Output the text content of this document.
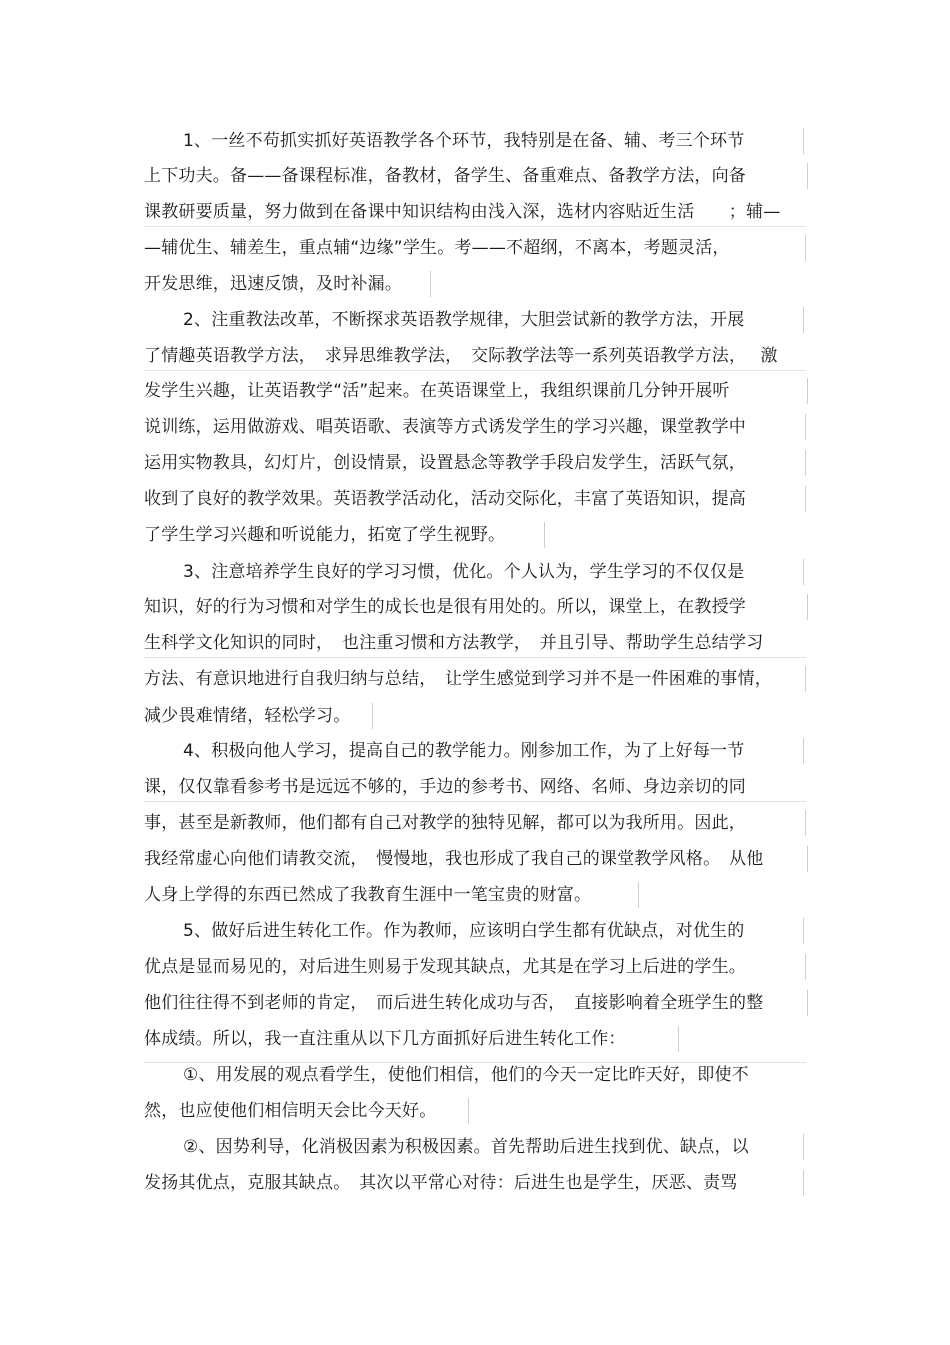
1、一丝不苟抓实抓好英语教学各个环节，我特别是在备、辅、考三个环节
上下功夫。备——备课程标准，备教材，备学生、备重难点、备教学方法，向备
课教研要质量，努力做到在备课中知识结构由浅入深，选材内容贴近生活　　；辅—
—辅优生、辅差生，重点辅“边缘”学生。考——不超纲，不离本，考题灵活，
开发思维，迅速反馈，及时补漏。
2、注重教法改革，不断探求英语教学规律，大胆尝试新的教学方法，开展
了情趣英语教学方法，　求异思维教学法，　交际教学法等一系列英语教学方法，　 激
发学生兴趣，让英语教学“活”起来。在英语课堂上，我组织课前几分钟开展听
说训练，运用做游戏、唱英语歌、表演等方式诱发学生的学习兴趣，课堂教学中
运用实物教具，幻灯片，创设情景，设置悬念等教学手段启发学生，活跃气氛，
收到了良好的教学效果。英语教学活动化，活动交际化，丰富了英语知识，提高
了学生学习兴趣和听说能力，拓宽了学生视野。
3、注意培养学生良好的学习习惯，优化。个人认为，学生学习的不仅仅是
知识，好的行为习惯和对学生的成长也是很有用处的。所以，课堂上，在教授学
生科学文化知识的同时，　也注重习惯和方法教学，　并且引导、帮助学生总结学习
方法、有意识地进行自我归纳与总结，　让学生感觉到学习并不是一件困难的事情，
减少畏难情绪，轻松学习。
4、积极向他人学习，提高自己的教学能力。刚参加工作，为了上好每一节
课，仅仅靠看参考书是远远不够的，手边的参考书、网络、名师、身边亲切的同
事，甚至是新教师，他们都有自己对教学的独特见解，都可以为我所用。因此，
我经常虚心向他们请教交流，　慢慢地，我也形成了我自己的课堂教学风格。　从他
人身上学得的东西已然成了我教育生涯中一笔宝贵的财富。
5、做好后进生转化工作。作为教师，应该明白学生都有优缺点，对优生的
优点是显而易见的，对后进生则易于发现其缺点，尤其是在学习上后进的学生。
他们往往得不到老师的肯定，　而后进生转化成功与否，　直接影响着全班学生的整
体成绩。所以，我一直注重从以下几方面抓好后进生转化工作：
①、用发展的观点看学生，使他们相信，他们的今天一定比昨天好，即使不
然，也应使他们相信明天会比今天好。
②、因势利导，化消极因素为积极因素。首先帮助后进生找到优、缺点，以
发扬其优点，克服其缺点。　其次以平常心对待：后进生也是学生，厌恶、责骂
